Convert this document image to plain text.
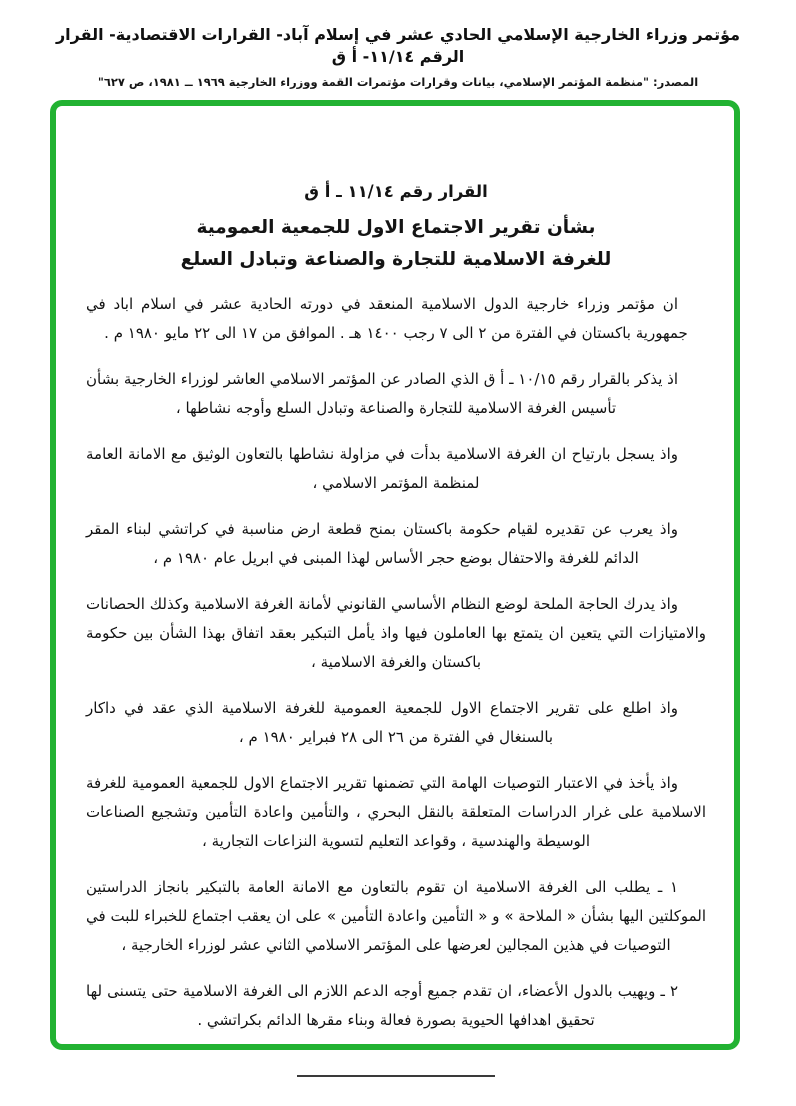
مؤتمر وزراء الخارجية الإسلامي الحادي عشر في إسلام آباد- القرارات الاقتصادية- القرار الرقم ١١/١٤- أ ق
المصدر: "منظمة المؤتمر الإسلامي، بيانات وقرارات مؤتمرات القمة ووزراء الخارجية ١٩٦٩ ــ ١٩٨١، ص ٦٢٧"
القرار رقم ١١/١٤ ـ أ ق
بشأن تقرير الاجتماع الاول للجمعية العمومية
للغرفة الاسلامية للتجارة والصناعة وتبادل السلع

ان مؤتمر وزراء خارجية الدول الاسلامية المنعقد في دورته الحادية عشر في اسلام اباد في جمهورية باكستان في الفترة من ٢ الى ٧ رجب ١٤٠٠ هـ . الموافق من ١٧ الى ٢٢ مايو ١٩٨٠ م .

اذ يذكر بالقرار رقم ١٠/١٥ ـ أ ق الذي الصادر عن المؤتمر الاسلامي العاشر لوزراء الخارجية بشأن تأسيس الغرفة الاسلامية للتجارة والصناعة وتبادل السلع وأوجه نشاطها ،

واذ يسجل بارتياح ان الغرفة الاسلامية بدأت في مزاولة نشاطها بالتعاون الوثيق مع الامانة العامة لمنظمة المؤتمر الاسلامي ،

واذ يعرب عن تقديره لقيام حكومة باكستان بمنح قطعة ارض مناسبة في كراتشي لبناء المقر الدائم للغرفة والاحتفال بوضع حجر الأساس لهذا المبنى في ابريل عام ١٩٨٠ م ،

واذ يدرك الحاجة الملحة لوضع النظام الأساسي القانوني لأمانة الغرفة الاسلامية وكذلك الحصانات والامتيازات التي يتعين ان يتمتع بها العاملون فيها واذ يأمل التبكير بعقد اتفاق بهذا الشأن بين حكومة باكستان والغرفة الاسلامية ،

واذ اطلع على تقرير الاجتماع الاول للجمعية العمومية للغرفة الاسلامية الذي عقد في داكار بالسنغال في الفترة من ٢٦ الى ٢٨ فبراير ١٩٨٠ م ،

واذ يأخذ في الاعتبار التوصيات الهامة التي تضمنها تقرير الاجتماع الاول للجمعية العمومية للغرفة الاسلامية على غرار الدراسات المتعلقة بالنقل البحري ، والتأمين واعادة التأمين وتشجيع الصناعات الوسيطة والهندسية ، وقواعد التعليم لتسوية النزاعات التجارية ،

١ ـ يطلب الى الغرفة الاسلامية ان تقوم بالتعاون مع الامانة العامة بالتبكير بانجاز الدراستين الموكلتين اليها بشأن « الملاحة » و « التأمين واعادة التأمين » على ان يعقب اجتماع للخبراء للبت في التوصيات في هذين المجالين لعرضها على المؤتمر الاسلامي الثاني عشر لوزراء الخارجية ،

٢ ـ ويهيب بالدول الأعضاء، ان تقدم جميع أوجه الدعم اللازم الى الغرفة الاسلامية حتى يتسنى لها تحقيق اهدافها الحيوية بصورة فعالة وبناء مقرها الدائم بكراتشي .
